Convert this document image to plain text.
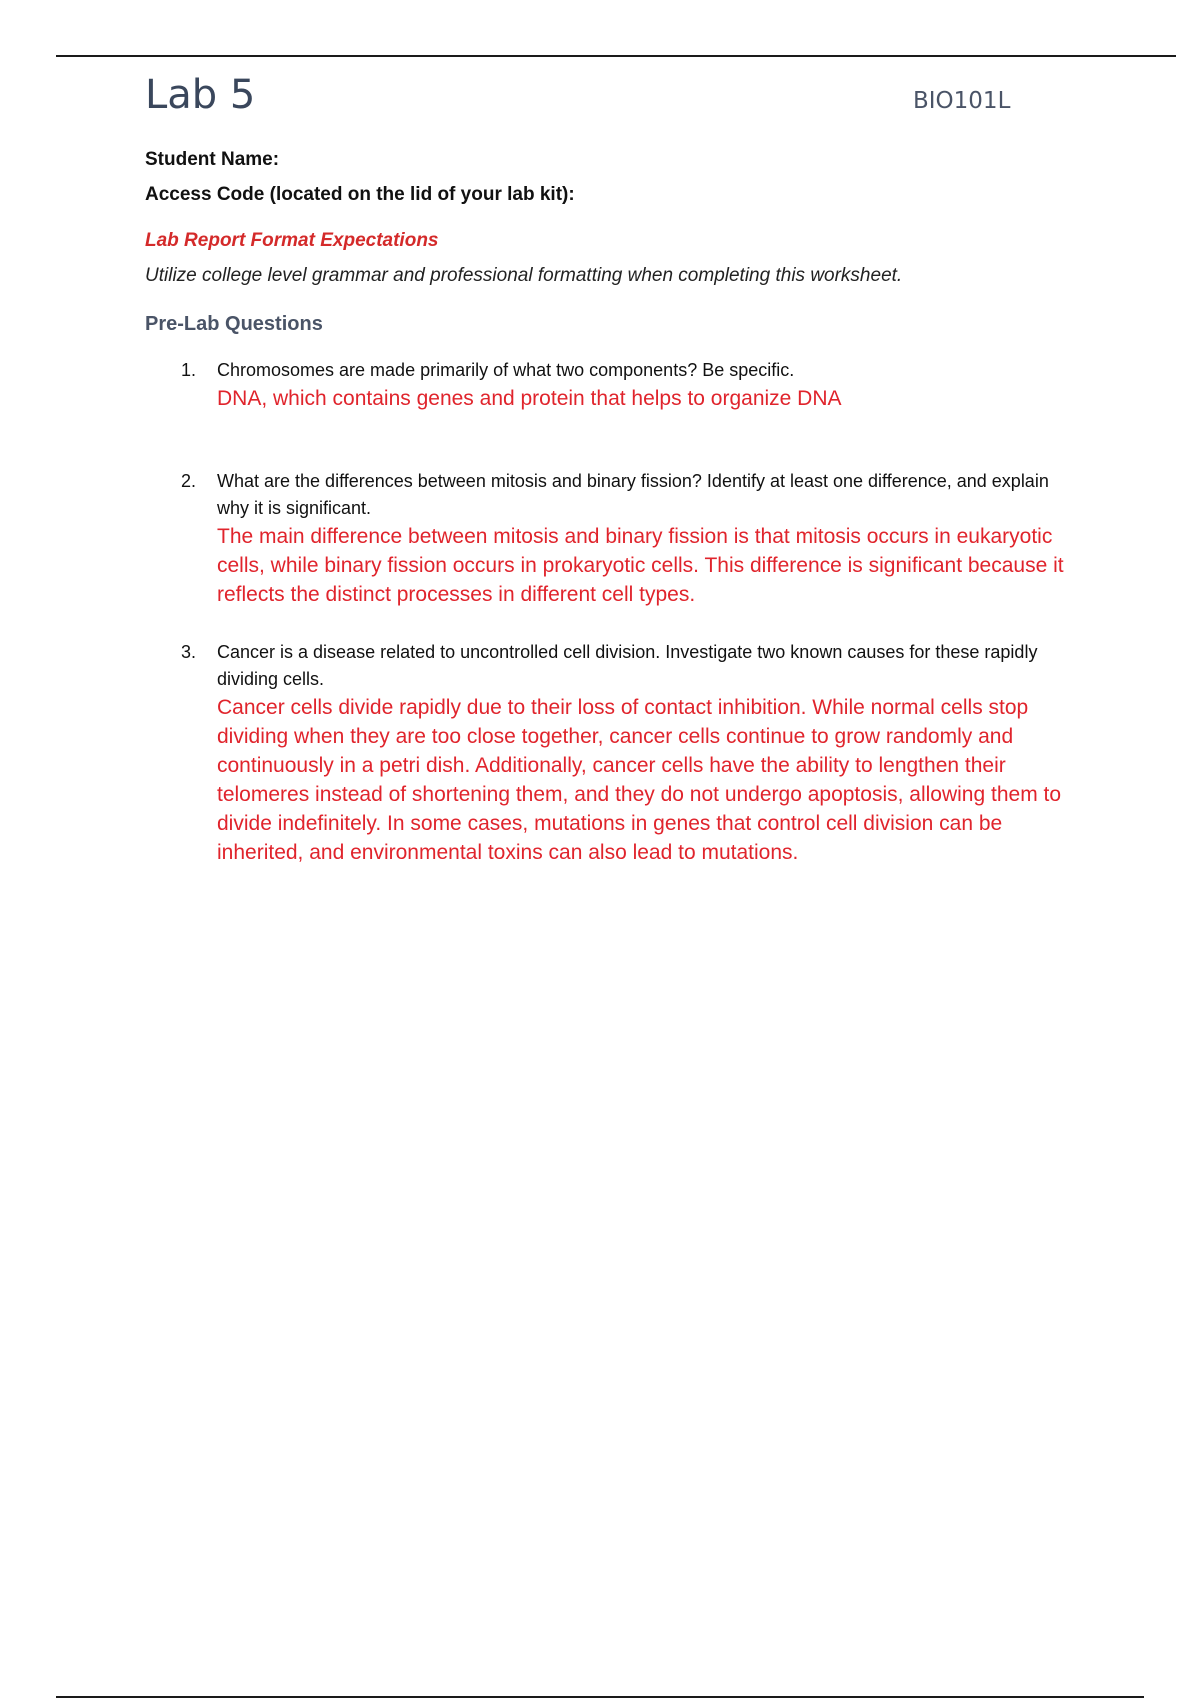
Lab 5	BIO101L
Student Name:
Access Code (located on the lid of your lab kit):
Lab Report Format Expectations
Utilize college level grammar and professional formatting when completing this worksheet.
Pre-Lab Questions
1. Chromosomes are made primarily of what two components? Be specific.
DNA, which contains genes and protein that helps to organize DNA
2. What are the differences between mitosis and binary fission? Identify at least one difference, and explain why it is significant.
The main difference between mitosis and binary fission is that mitosis occurs in eukaryotic cells, while binary fission occurs in prokaryotic cells. This difference is significant because it reflects the distinct processes in different cell types.
3. Cancer is a disease related to uncontrolled cell division. Investigate two known causes for these rapidly dividing cells.
Cancer cells divide rapidly due to their loss of contact inhibition. While normal cells stop dividing when they are too close together, cancer cells continue to grow randomly and continuously in a petri dish. Additionally, cancer cells have the ability to lengthen their telomeres instead of shortening them, and they do not undergo apoptosis, allowing them to divide indefinitely. In some cases, mutations in genes that control cell division can be inherited, and environmental toxins can also lead to mutations.
